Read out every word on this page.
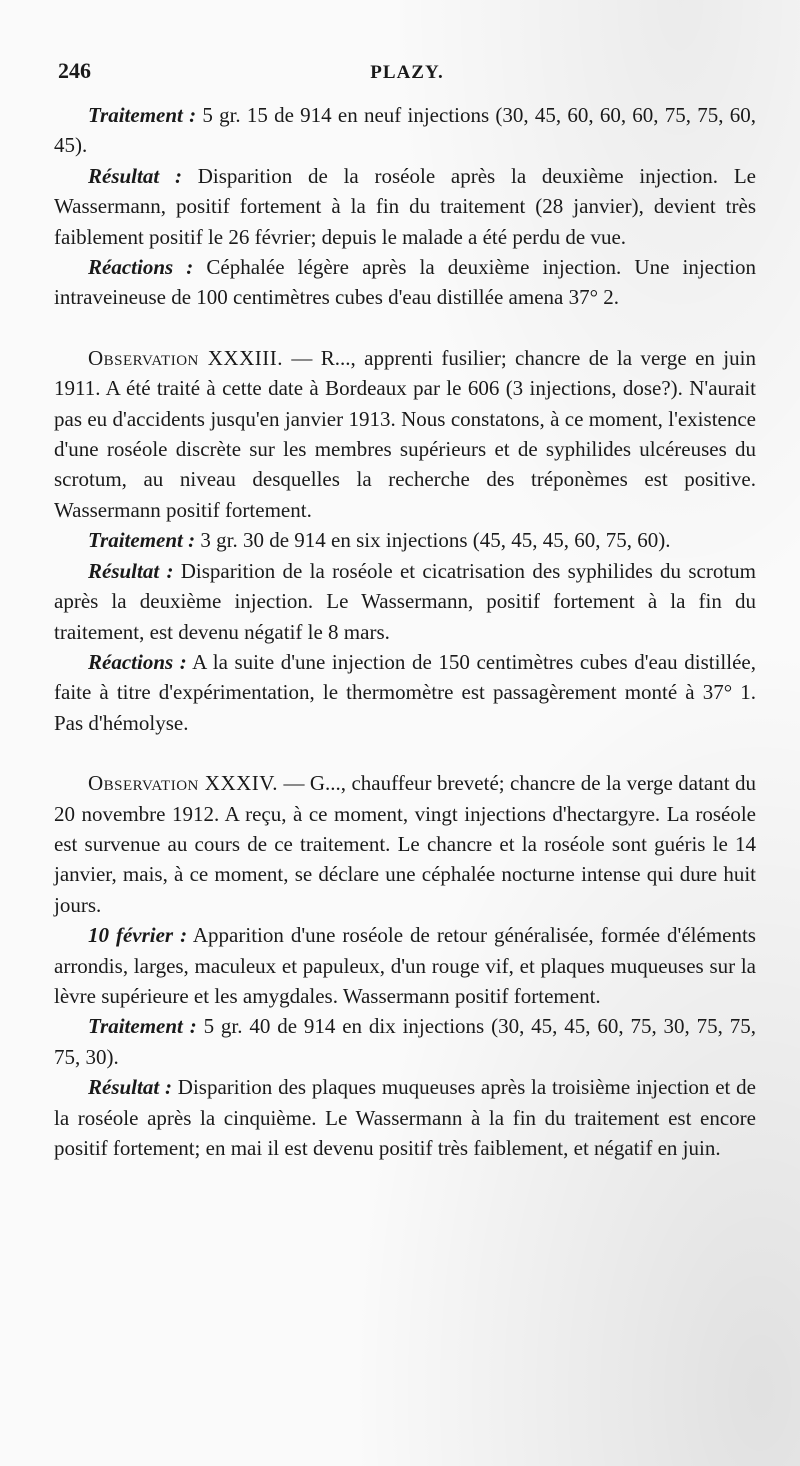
246	PLAZY.

Traitement : 5 gr. 15 de 914 en neuf injections (30, 45, 60, 60, 60, 75, 75, 60, 45).

Résultat : Disparition de la roséole après la deuxième injection. Le Wassermann, positif fortement à la fin du traitement (28 janvier), devient très faiblement positif le 26 février; depuis le malade a été perdu de vue.

Réactions : Céphalée légère après la deuxième injection. Une injection intraveineuse de 100 centimètres cubes d'eau distillée amena 37° 2.

Observation XXXIII. — R..., apprenti fusilier; chancre de la verge en juin 1911. A été traité à cette date à Bordeaux par le 606 (3 injections, dose?). N'aurait pas eu d'accidents jusqu'en janvier 1913. Nous constatons, à ce moment, l'existence d'une roséole discrète sur les membres supérieurs et de syphilides ulcéreuses du scrotum, au niveau desquelles la recherche des tréponèmes est positive. Wassermann positif fortement.

Traitement : 3 gr. 30 de 914 en six injections (45, 45, 45, 60, 75, 60).

Résultat : Disparition de la roséole et cicatrisation des syphilides du scrotum après la deuxième injection. Le Wassermann, positif fortement à la fin du traitement, est devenu négatif le 8 mars.

Réactions : A la suite d'une injection de 150 centimètres cubes d'eau distillée, faite à titre d'expérimentation, le thermomètre est passagèrement monté à 37° 1. Pas d'hémolyse.

Observation XXXIV. — G..., chauffeur breveté; chancre de la verge datant du 20 novembre 1912. A reçu, à ce moment, vingt injections d'hectargyre. La roséole est survenue au cours de ce traitement. Le chancre et la roséole sont guéris le 14 janvier, mais, à ce moment, se déclare une céphalée nocturne intense qui dure huit jours.

10 février : Apparition d'une roséole de retour généralisée, formée d'éléments arrondis, larges, maculeux et papuleux, d'un rouge vif, et plaques muqueuses sur la lèvre supérieure et les amygdales. Wassermann positif fortement.

Traitement : 5 gr. 40 de 914 en dix injections (30, 45, 45, 60, 75, 30, 75, 75, 75, 30).

Résultat : Disparition des plaques muqueuses après la troisième injection et de la roséole après la cinquième. Le Wassermann à la fin du traitement est encore positif fortement; en mai il est devenu positif très faiblement, et négatif en juin.
